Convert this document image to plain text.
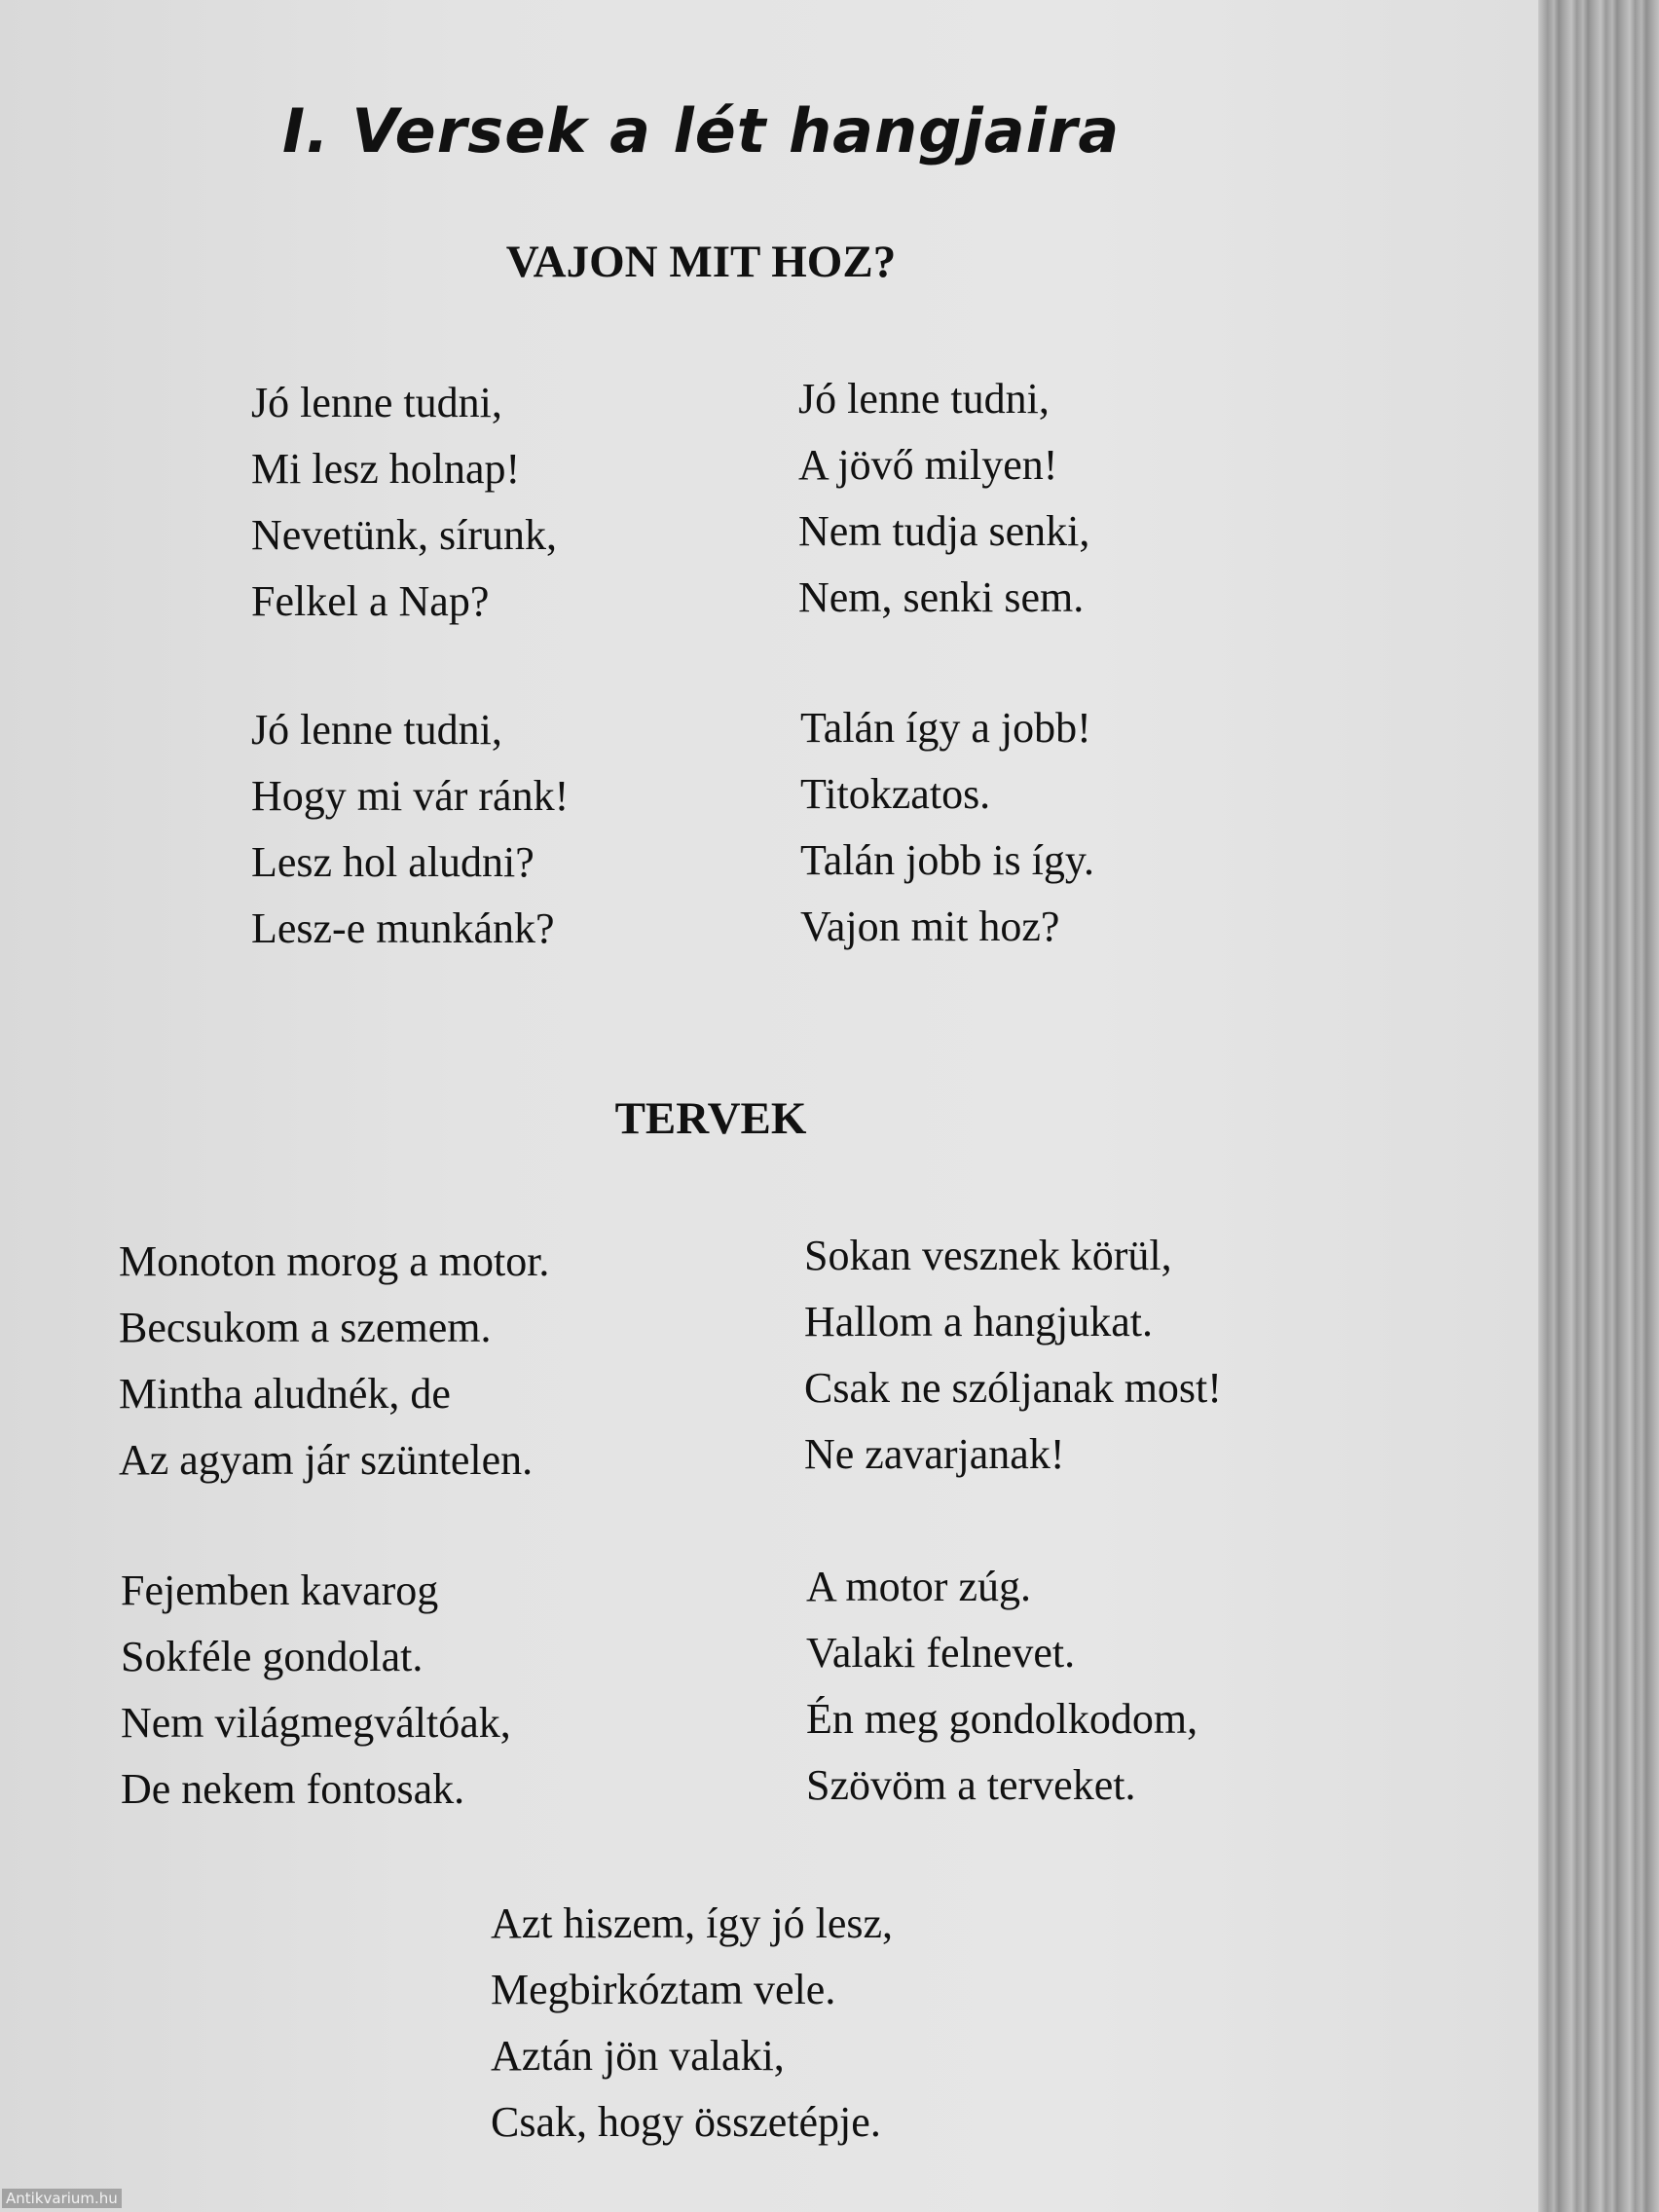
I. Versek a lét hangjaira
VAJON MIT HOZ?
Jó lenne tudni,
Mi lesz holnap!
Nevetünk, sírunk,
Felkel a Nap?
Jó lenne tudni,
A jövő milyen!
Nem tudja senki,
Nem, senki sem.
Jó lenne tudni,
Hogy mi vár ránk!
Lesz hol aludni?
Lesz-e munkánk?
Talán így a jobb!
Titokzatos.
Talán jobb is így.
Vajon mit hoz?
TERVEK
Monoton morog a motor.
Becsukom a szemem.
Mintha aludnék, de
Az agyam jár szüntelen.
Sokan vesznek körül,
Hallom a hangjukat.
Csak ne szóljanak most!
Ne zavarjanak!
Fejemben kavarog
Sokféle gondolat.
Nem világmegváltóak,
De nekem fontosak.
A motor zúg.
Valaki felnevet.
Én meg gondolkodom,
Szövöm a terveket.
Azt hiszem, így jó lesz,
Megbirkóztam vele.
Aztán jön valaki,
Csak, hogy összetépje.
Antikvarium.hu
